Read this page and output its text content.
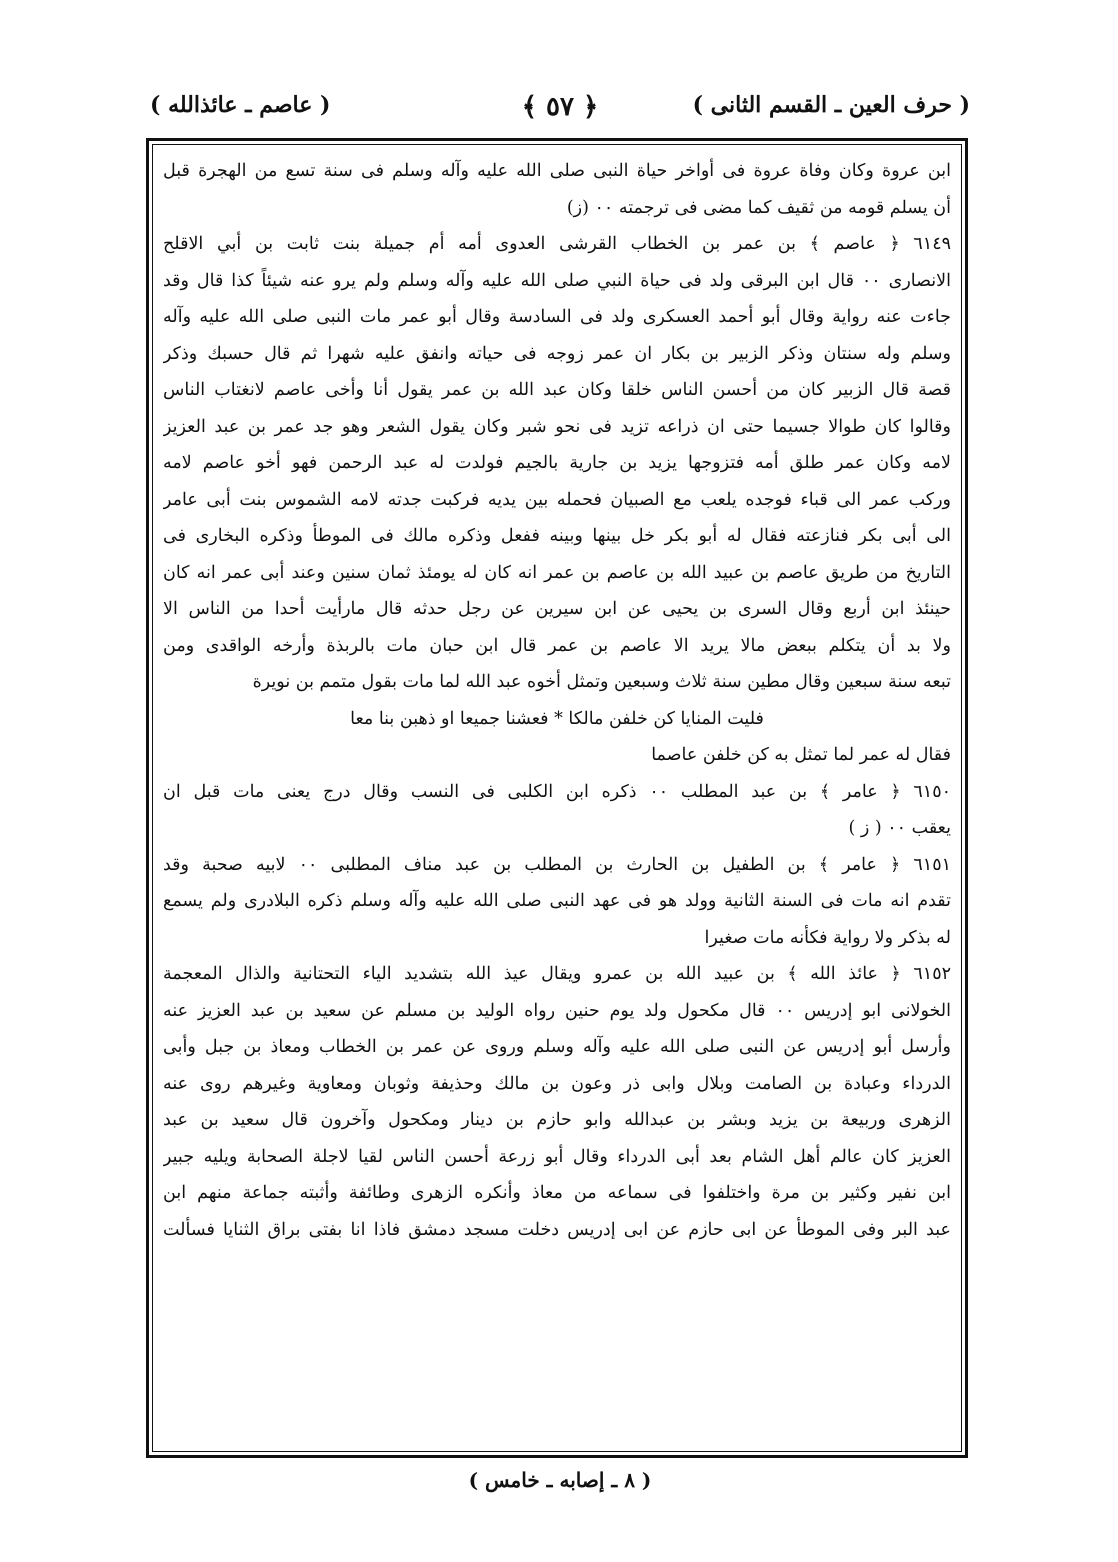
( حرف العين ـ القسم الثانى )
﴿ ٥٧ ﴾
( عاصم ـ عائذالله )
ابن عروة وكان وفاة عروة فى أواخر حياة النبى صلى الله عليه وآله وسلم فى سنة تسع من الهجرة قبل
أن يسلم قومه من ثقيف كما مضى فى ترجمته ٠٠ (ز)
٦١٤٩ ﴿ عاصم ﴾ بن عمر بن الخطاب القرشى العدوى أمه أم جميلة بنت ثابت بن أبي الاقلح
الانصارى ٠٠ قال ابن البرقى ولد فى حياة النبي صلى الله عليه وآله وسلم ولم يرو عنه شيئاً كذا قال وقد
جاءت عنه رواية وقال أبو أحمد العسكرى ولد فى السادسة وقال أبو عمر مات النبى صلى الله عليه وآله
وسلم وله سنتان وذكر الزبير بن بكار ان عمر زوجه فى حياته وانفق عليه شهرا ثم قال حسبك وذكر
قصة قال الزبير كان من أحسن الناس خلقا وكان عبد الله بن عمر يقول أنا وأخى عاصم لانغتاب الناس
وقالوا كان طوالا جسيما حتى ان ذراعه تزيد فى نحو شبر وكان يقول الشعر وهو جد عمر بن عبد العزيز
لامه وكان عمر طلق أمه فتزوجها يزيد بن جارية بالجيم فولدت له عبد الرحمن فهو أخو عاصم لامه
وركب عمر الى قباء فوجده يلعب مع الصبيان فحمله بين يديه فركبت جدته لامه الشموس بنت أبى عامر
الى أبى بكر فنازعته فقال له أبو بكر خل بينها وبينه ففعل وذكره مالك فى الموطأ وذكره البخارى فى
التاريخ من طريق عاصم بن عبيد الله بن عاصم بن عمر انه كان له يومئذ ثمان سنين وعند أبى عمر انه كان
حينئذ ابن أربع وقال السرى بن يحيى عن ابن سيرين عن رجل حدثه قال مارأيت أحدا من الناس الا
ولا بد أن يتكلم ببعض مالا يريد الا عاصم بن عمر قال ابن حبان مات بالربذة وأرخه الواقدى ومن
تبعه سنة سبعين وقال مطين سنة ثلاث وسبعين وتمثل أخوه عبد الله لما مات بقول متمم بن نويرة
فليت المنايا كن خلفن مالكا * فعشنا جميعا او ذهبن بنا معا
فقال له عمر لما تمثل به كن خلفن عاصما
٦١٥٠ ﴿ عامر ﴾ بن عبد المطلب ٠٠ ذكره ابن الكلبى فى النسب وقال درج يعنى مات قبل ان
يعقب ٠٠ ( ز )
٦١٥١ ﴿ عامر ﴾ بن الطفيل بن الحارث بن المطلب بن عبد مناف المطلبى ٠٠ لابيه صحبة وقد
تقدم انه مات فى السنة الثانية وولد هو فى عهد النبى صلى الله عليه وآله وسلم ذكره البلادرى ولم يسمع
له بذكر ولا رواية فكأنه مات صغيرا
٦١٥٢ ﴿ عائذ الله ﴾ بن عبيد الله بن عمرو ويقال عيذ الله بتشديد الياء التحتانية والذال المعجمة
الخولانى ابو إدريس ٠٠ قال مكحول ولد يوم حنين رواه الوليد بن مسلم عن سعيد بن عبد العزيز عنه
وأرسل أبو إدريس عن النبى صلى الله عليه وآله وسلم وروى عن عمر بن الخطاب ومعاذ بن جبل وأبى
الدرداء وعبادة بن الصامت وبلال وابى ذر وعون بن مالك وحذيفة وثوبان ومعاوية وغيرهم روى عنه
الزهرى وربيعة بن يزيد وبشر بن عبدالله وابو حازم بن دينار ومكحول وآخرون قال سعيد بن عبد
العزيز كان عالم أهل الشام بعد أبى الدرداء وقال أبو زرعة أحسن الناس لقيا لاجلة الصحابة ويليه جبير
ابن نفير وكثير بن مرة واختلفوا فى سماعه من معاذ وأنكره الزهرى وطائفة وأثبته جماعة منهم ابن
عبد البر وفى الموطأ عن ابى حازم عن ابى إدريس دخلت مسجد دمشق فاذا انا بفتى براق الثنايا فسألت
( ٨ ـ إصابه ـ خامس )
